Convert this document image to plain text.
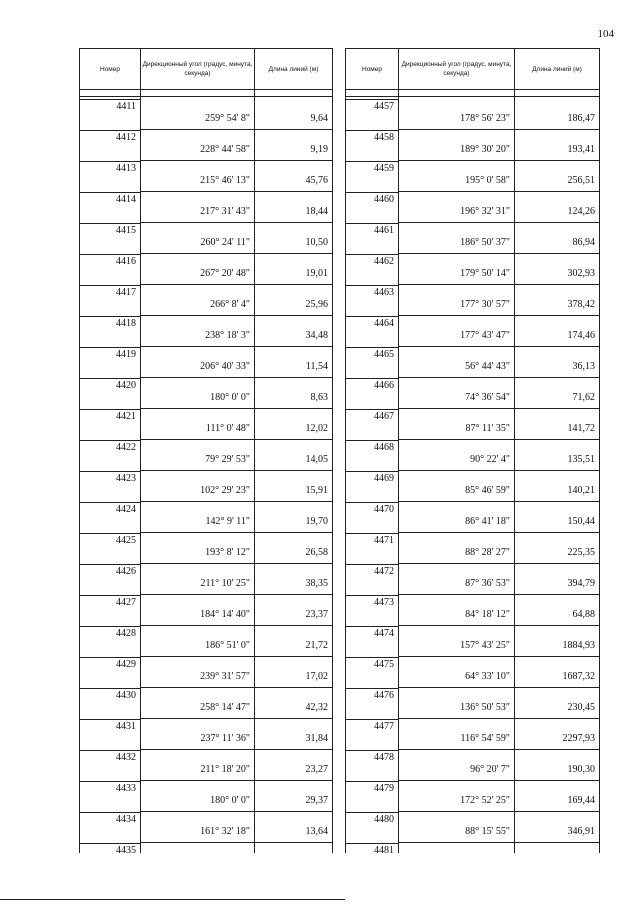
104
Номер
Дирекционный угол (градус, минута, секунда)
Длина линий (м)
4411
4412
4413
4414
4415
4416
4417
4418
4419
4420
4421
4422
4423
4424
4425
4426
4427
4428
4429
4430
4431
4432
4433
4434
4435
259° 54' 8"
228° 44' 58"
215° 46' 13"
217° 31' 43"
260° 24' 11"
267° 20' 48"
266° 8' 4"
238° 18' 3"
206° 40' 33"
180° 0' 0"
111° 0' 48"
79° 29' 53"
102° 29' 23"
142° 9' 11"
193° 8' 12"
211° 10' 25"
184° 14' 40"
186° 51' 0"
239° 31' 57"
258° 14' 47"
237° 11' 36"
211° 18' 20"
180° 0' 0"
161° 32' 18"
9,64
9,19
45,76
18,44
10,50
19,01
25,96
34,48
11,54
8,63
12,02
14,05
15,91
19,70
26,58
38,35
23,37
21,72
17,02
42,32
31,84
23,27
29,37
13,64
Номер
Дирекционный угол (градус, минута, секунда)
Длина линий (м)
4457
4458
4459
4460
4461
4462
4463
4464
4465
4466
4467
4468
4469
4470
4471
4472
4473
4474
4475
4476
4477
4478
4479
4480
4481
178° 56' 23"
189° 30' 20"
195° 0' 58"
196° 32' 31"
186° 50' 37"
179° 50' 14"
177° 30' 57"
177° 43' 47"
56° 44' 43"
74° 36' 54"
87° 11' 35"
90° 22' 4"
85° 46' 59"
86° 41' 18"
88° 28' 27"
87° 36' 53"
84° 18' 12"
157° 43' 25"
64° 33' 10"
136° 50' 53"
116° 54' 59"
96° 20' 7"
172° 52' 25"
88° 15' 55"
186,47
193,41
256,51
124,26
86,94
302,93
378,42
174,46
36,13
71,62
141,72
135,51
140,21
150,44
225,35
394,79
64,88
1884,93
1687,32
230,45
2297,93
190,30
169,44
346,91
